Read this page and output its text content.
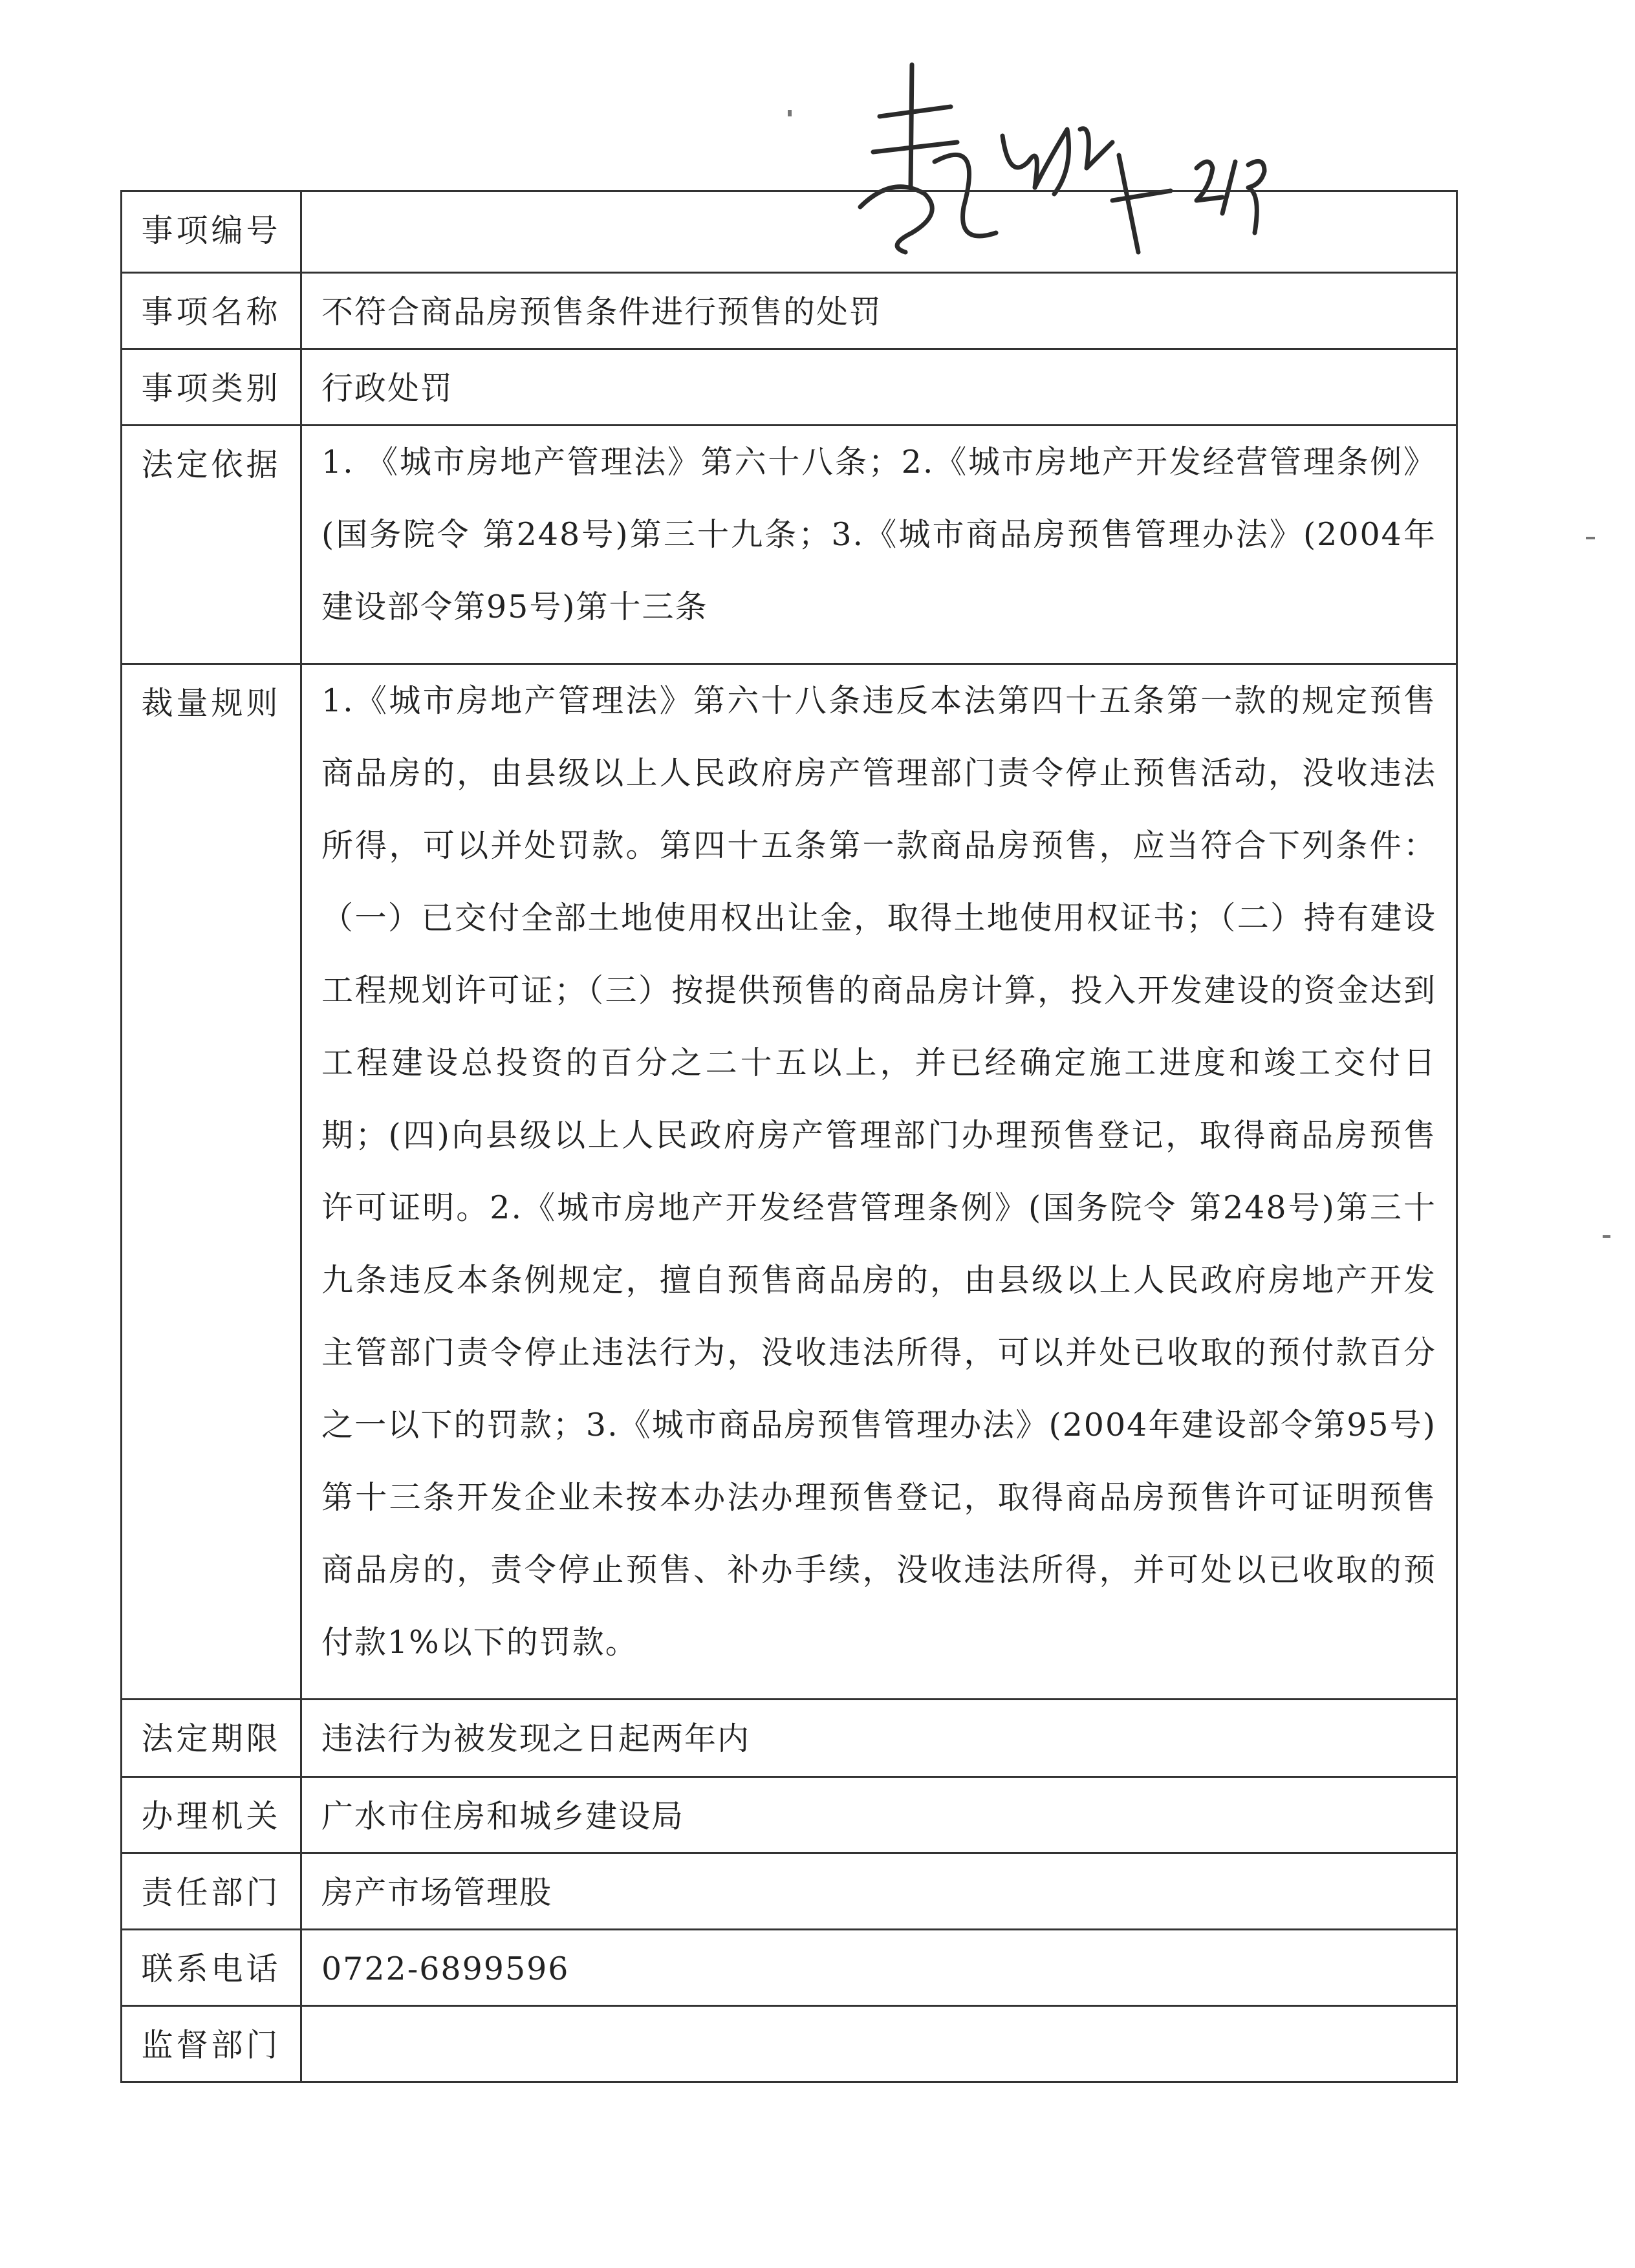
事项编号	
事项名称	不符合商品房预售条件进行预售的处罚
事项类别	行政处罚
法定依据	1. 《城市房地产管理法》第六十八条；2.《城市房地产开发经营管理条例》(国务院令 第248号)第三十九条；3.《城市商品房预售管理办法》(2004年建设部令第95号)第十三条
裁量规则	1.《城市房地产管理法》第六十八条违反本法第四十五条第一款的规定预售商品房的，由县级以上人民政府房产管理部门责令停止预售活动，没收违法所得，可以并处罚款。第四十五条第一款商品房预售，应当符合下列条件：（一）已交付全部土地使用权出让金，取得土地使用权证书；（二）持有建设工程规划许可证；（三）按提供预售的商品房计算，投入开发建设的资金达到工程建设总投资的百分之二十五以上，并已经确定施工进度和竣工交付日期；(四)向县级以上人民政府房产管理部门办理预售登记，取得商品房预售许可证明。2.《城市房地产开发经营管理条例》(国务院令 第248号)第三十九条违反本条例规定，擅自预售商品房的，由县级以上人民政府房地产开发主管部门责令停止违法行为，没收违法所得，可以并处已收取的预付款百分之一以下的罚款；3.《城市商品房预售管理办法》(2004年建设部令第95号)第十三条开发企业未按本办法办理预售登记，取得商品房预售许可证明预售商品房的，责令停止预售、补办手续，没收违法所得，并可处以已收取的预付款1%以下的罚款。
法定期限	违法行为被发现之日起两年内
办理机关	广水市住房和城乡建设局
责任部门	房产市场管理股
联系电话	0722-6899596
监督部门	
